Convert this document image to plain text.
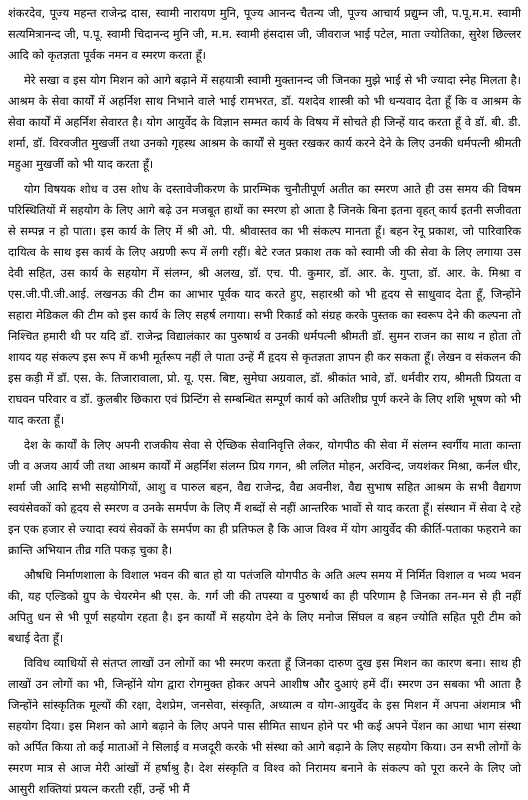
शंकरदेव, पूज्य महन्त राजेन्द्र दास, स्वामी नारायण मुनि, पूज्य आनन्द चैतन्य जी, पूज्य आचार्य प्रद्युम्न जी, प.पू.म.म. स्वामी सत्यमित्रानन्द जी, प.पू. स्वामी चिदानन्द मुनि जी, म.म. स्वामी हंसदास जी, जीवराज भाई पटेल, माता ज्योतिका, सुरेश छिल्लर आदि को कृतज्ञता पूर्वक नमन व स्मरण करता हूँ।

मेरे सखा व इस योग मिशन को आगे बढ़ाने में सहयात्री स्वामी मुक्तानन्द जी जिनका मुझे भाई से भी ज्यादा स्नेह मिलता है। आश्रम के सेवा कार्यों में अहर्निश साथ निभाने वाले भाई रामभरत, डॉ. यशदेव शास्त्री को भी धन्यवाद देता हूँ कि व आश्रम के सेवा कार्यों में अहर्निश सेवारत है। योग आयुर्वेद के विज्ञान सम्मत कार्य के विषय में सोचते ही जिन्हें याद करता हूँ वे डॉ. बी. डी. शर्मा, डॉ. विरवजीत मुखर्जी तथा उनको गृहस्थ आश्रम के कार्यों से मुक्त रखकर कार्य करने देने के लिए उनकी धर्मपत्नी श्रीमती महुआ मुखर्जी को भी याद करता हूँ।

योग विषयक शोध व उस शोध के दस्तावेजीकरण के प्रारम्भिक चुनौतीपूर्ण अतीत का स्मरण आते ही उस समय की विषम परिस्थितियों में सहयोग के लिए आगे बढ़े उन मजबूत हाथों का स्मरण हो आता है जिनके बिना इतना वृहत् कार्य इतनी सजीवता से सम्पन्न न हो पाता। इस कार्य के लिए में श्री ओ. पी. श्रीवास्तव का भी संकल्प मानता हूँ। बहन रेनू प्रकाश, जो पारिवारिक दायित्व के साथ इस कार्य के लिए अग्रणी रूप में लगी रहीं। बेटे रजत प्रकाश तक को स्वामी जी की सेवा के लिए लगाया उस देवी सहित, उस कार्य के सहयोग में संलग्न, श्री अलख, डॉ. एच. पी. कुमार, डॉ. आर. के. गुप्ता, डॉ. आर. के. मिश्रा व एस.जी.पी.जी.आई. लखनऊ की टीम का आभार पूर्वक याद करते हुए, सहारश्री को भी हृदय से साधुवाद देता हूँ, जिन्होंने सहारा मेडिकल की टीम को इस कार्य के लिए सहर्ष लगाया। सभी रिकार्ड को संग्रह करके पुस्तक का स्वरूप देने की कल्पना तो निश्चित हमारी थी पर यदि डॉ. राजेन्द्र विद्यालंकार का पुरुषार्थ व उनकी धर्मपत्नी श्रीमती डॉ. सुमन राजन का साथ न होता तो शायद यह संकल्प इस रूप में कभी मूर्तरूप नहीं ले पाता उन्हें मैं हृदय से कृतज्ञता ज्ञापन ही कर सकता हूँ। लेखन व संकलन की इस कड़ी में डॉ. एस. के. तिजारावाला, प्रो. यू. एस. बिष्ट, सुमेघा अग्रवाल, डॉ. श्रीकांत भावे, डॉ. धर्मवीर राय, श्रीमती प्रियता व राघवन परिवार व डॉ. कुलबीर छिकारा एवं प्रिन्टिंग से सम्बन्धित सम्पूर्ण कार्य को अतिशीघ्र पूर्ण करने के लिए शशि भूषण को भी याद करता हूँ।

देश के कार्यों के लिए अपनी राजकीय सेवा से ऐच्छिक सेवानिवृत्ति लेकर, योगपीठ की सेवा में संलग्न स्वर्गीय माता कान्ता जी व अजय आर्य जी तथा आश्रम कार्यों में अहर्निश संलग्न प्रिय गगन, श्री ललित मोहन, अरविन्द, जयशंकर मिश्रा, कर्नल धीर, शर्मा जी आदि सभी सहयोगियों, आशु व पारुल बहन, वैद्य राजेन्द्र, वैद्य अवनीश, वैद्य सुभाष सहित आश्रम के सभी वैद्यगण स्वयंसेवकों को हृदय से स्मरण व उनके समर्पण के लिए मैं शब्दों से नहीं आन्तरिक भावों से याद करता हूँ। संस्थान में सेवा दे रहे इन एक हजार से ज्यादा स्वयं सेवकों के समर्पण का ही प्रतिफल है कि आज विश्व में योग आयुर्वेद की कीर्ति-पताका फहराने का क्रान्ति अभियान तीव्र गति पकड़ चुका है।

औषधि निर्माणशाला के विशाल भवन की बात हो या पतंजलि योगपीठ के अति अल्प समय में निर्मित विशाल व भव्य भवन की, यह एल्डिको ग्रुप के चेयरमेन श्री एस. के. गर्ग जी की तपस्या व पुरुषार्थ का ही परिणाम है जिनका तन-मन से ही नहीं अपितु धन से भी पूर्ण सहयोग रहता है। इन कार्यों में सहयोग देने के लिए मनोज सिंघल व बहन ज्योति सहित पूरी टीम को बधाई देता हूँ।

विविध व्याधियों से संतप्त लाखों उन लोगों का भी स्मरण करता हूँ जिनका दारुण दुख इस मिशन का कारण बना। साथ ही लाखों उन लोगों का भी, जिन्होंने योग द्वारा रोगमुक्त होकर अपने आशीष और दुआएं हमें दीं। स्मरण उन सबका भी आता है जिन्होंने सांस्कृतिक मूल्यों की रक्षा, देशप्रेम, जनसेवा, संस्कृति, अध्यात्म व योग-आयुर्वेद के इस मिशन में अपना अंशमात्र भी सहयोग दिया। इस मिशन को आगे बढ़ाने के लिए अपने पास सीमित साधन होने पर भी कई अपने पेंशन का आधा भाग संस्था को अर्पित किया तो कई माताओं ने सिलाई व मजदूरी करके भी संस्था को आगे बढ़ाने के लिए सहयोग किया। उन सभी लोगों के स्मरण मात्र से आज मेरी आंखों में हर्षाश्रु है। देश संस्कृति व विश्व को निरामय बनाने के संकल्प को पूरा करने के लिए जो आसुरी शक्तियां प्रयत्न करती रहीं, उन्हें भी मैं
